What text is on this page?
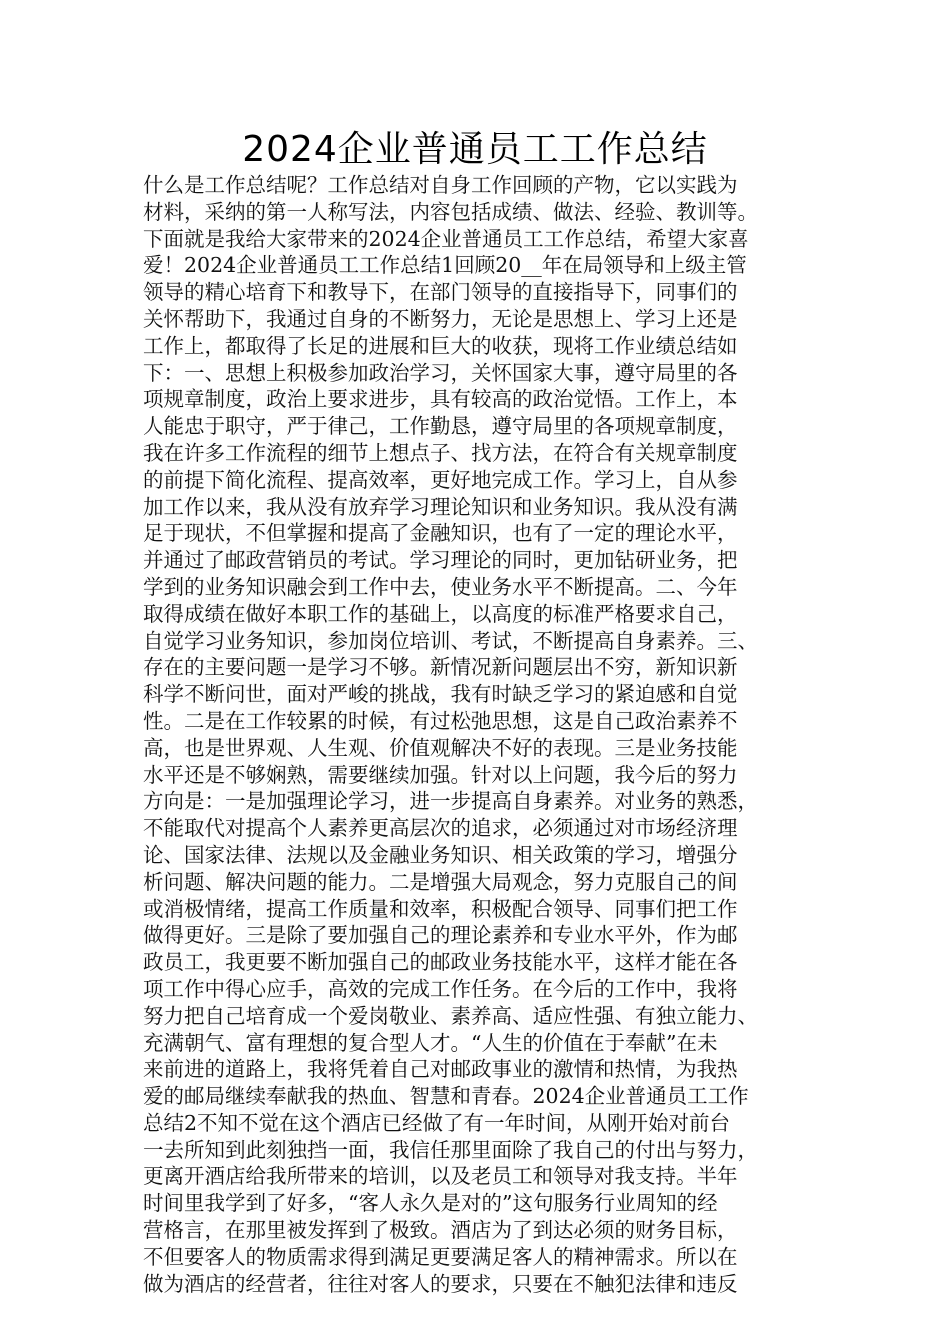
2024企业普通员工工作总结
什么是工作总结呢？工作总结对自身工作回顾的产物，它以实践为
材料，采纳的第一人称写法，内容包括成绩、做法、经验、教训等。
下面就是我给大家带来的2024企业普通员工工作总结，希望大家喜
爱！2024企业普通员工工作总结1回顾20__年在局领导和上级主管
领导的精心培育下和教导下，在部门领导的直接指导下，同事们的
关怀帮助下，我通过自身的不断努力，无论是思想上、学习上还是
工作上，都取得了长足的进展和巨大的收获，现将工作业绩总结如
下：一、思想上积极参加政治学习，关怀国家大事，遵守局里的各
项规章制度，政治上要求进步，具有较高的政治觉悟。工作上，本
人能忠于职守，严于律己，工作勤恳，遵守局里的各项规章制度，
我在许多工作流程的细节上想点子、找方法，在符合有关规章制度
的前提下简化流程、提高效率，更好地完成工作。学习上，自从参
加工作以来，我从没有放弃学习理论知识和业务知识。我从没有满
足于现状，不但掌握和提高了金融知识，也有了一定的理论水平，
并通过了邮政营销员的考试。学习理论的同时，更加钻研业务，把
学到的业务知识融会到工作中去，使业务水平不断提高。二、今年
取得成绩在做好本职工作的基础上，以高度的标准严格要求自己，
自觉学习业务知识，参加岗位培训、考试，不断提高自身素养。三、
存在的主要问题一是学习不够。新情况新问题层出不穷，新知识新
科学不断问世，面对严峻的挑战，我有时缺乏学习的紧迫感和自觉
性。二是在工作较累的时候，有过松弛思想，这是自己政治素养不
高，也是世界观、人生观、价值观解决不好的表现。三是业务技能
水平还是不够娴熟，需要继续加强。针对以上问题，我今后的努力
方向是：一是加强理论学习，进一步提高自身素养。对业务的熟悉，
不能取代对提高个人素养更高层次的追求，必须通过对市场经济理
论、国家法律、法规以及金融业务知识、相关政策的学习，增强分
析问题、解决问题的能力。二是增强大局观念，努力克服自己的间
或消极情绪，提高工作质量和效率，积极配合领导、同事们把工作
做得更好。三是除了要加强自己的理论素养和专业水平外，作为邮
政员工，我更要不断加强自己的邮政业务技能水平，这样才能在各
项工作中得心应手，高效的完成工作任务。在今后的工作中，我将
努力把自己培育成一个爱岗敬业、素养高、适应性强、有独立能力、
充满朝气、富有理想的复合型人才。“人生的价值在于奉献”在未
来前进的道路上，我将凭着自己对邮政事业的激情和热情，为我热
爱的邮局继续奉献我的热血、智慧和青春。2024企业普通员工工作
总结2不知不觉在这个酒店已经做了有一年时间，从刚开始对前台
一去所知到此刻独挡一面，我信任那里面除了我自己的付出与努力，
更离开酒店给我所带来的培训，以及老员工和领导对我支持。半年
时间里我学到了好多，“客人永久是对的”这句服务行业周知的经
营格言，在那里被发挥到了极致。酒店为了到达必须的财务目标，
不但要客人的物质需求得到满足更要满足客人的精神需求。所以在
做为酒店的经营者，往往对客人的要求，只要在不触犯法律和违反
